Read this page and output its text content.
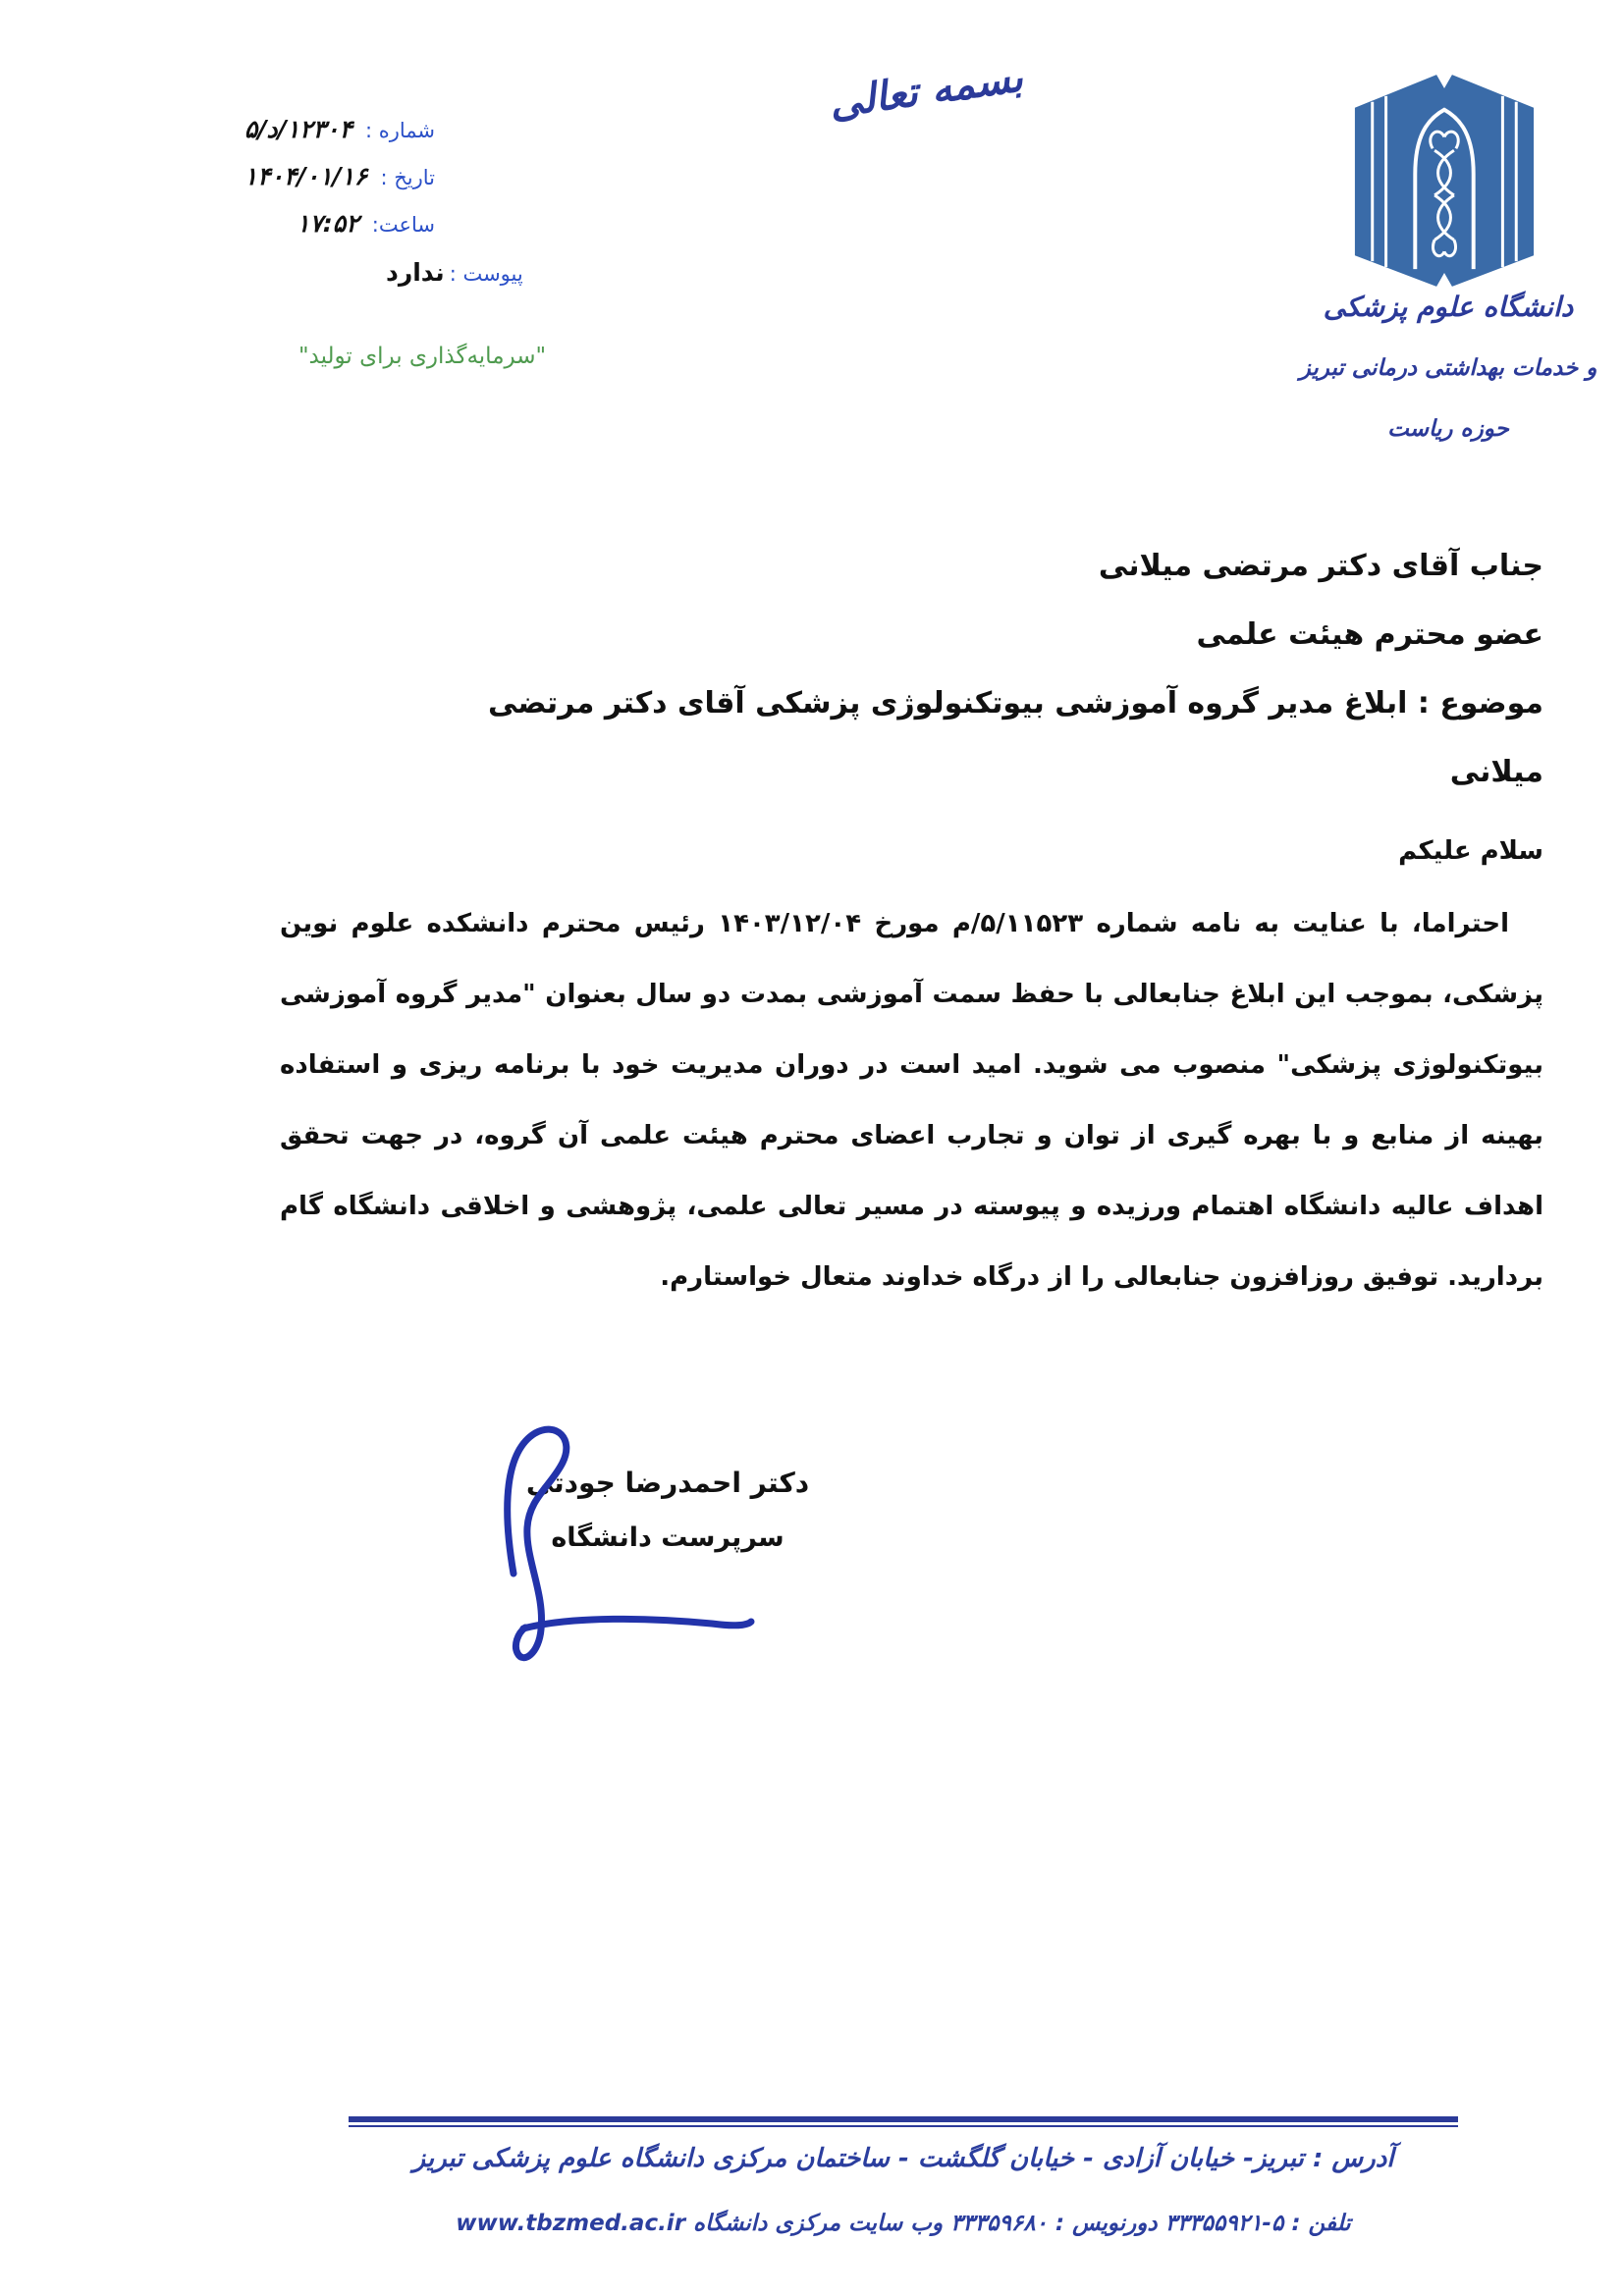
شماره : ۱۲۳۰۴/د/۵
تاریخ : ۱۴۰۴/۰۱/۱۶
ساعت: ۱۷:۵۲
پیوست : ندارد
بسمه تعالی
دانشگاه علوم پزشکی
و خدمات بهداشتی درمانی تبریز
حوزه ریاست
"سرمایه‌گذاری برای تولید"
جناب آقای دکتر مرتضی میلانی
عضو محترم هیئت علمی
موضوع : ابلاغ مدیر گروه آموزشی بیوتکنولوژی پزشکی آقای دکتر مرتضی
میلانی
سلام علیکم
احتراما، با عنایت به نامه شماره ۵/۱۱۵۲۳/م مورخ ۱۴۰۳/۱۲/۰۴ رئیس محترم دانشکده علوم نوین پزشکی، بموجب این ابلاغ جنابعالی با حفظ سمت آموزشی بمدت دو سال بعنوان "مدیر گروه آموزشی بیوتکنولوژی پزشکی" منصوب می شوید. امید است در دوران مدیریت خود با برنامه ریزی و استفاده بهینه از منابع و با بهره گیری از توان و تجارب اعضای محترم هیئت علمی آن گروه، در جهت تحقق اهداف عالیه دانشگاه اهتمام ورزیده و پیوسته در مسیر تعالی علمی، پژوهشی و اخلاقی دانشگاه گام بردارید. توفیق روزافزون جنابعالی را از درگاه خداوند متعال خواستارم.
دکتر احمدرضا جودتی
سرپرست دانشگاه
آدرس : تبریز- خیابان آزادی - خیابان گلگشت - ساختمان مرکزی دانشگاه علوم پزشکی تبریز
تلفن : ۵-۳۳۳۵۵۹۲۱ دورنویس : ۳۳۳۵۹۶۸۰ وب سایت مرکزی دانشگاه www.tbzmed.ac.ir
